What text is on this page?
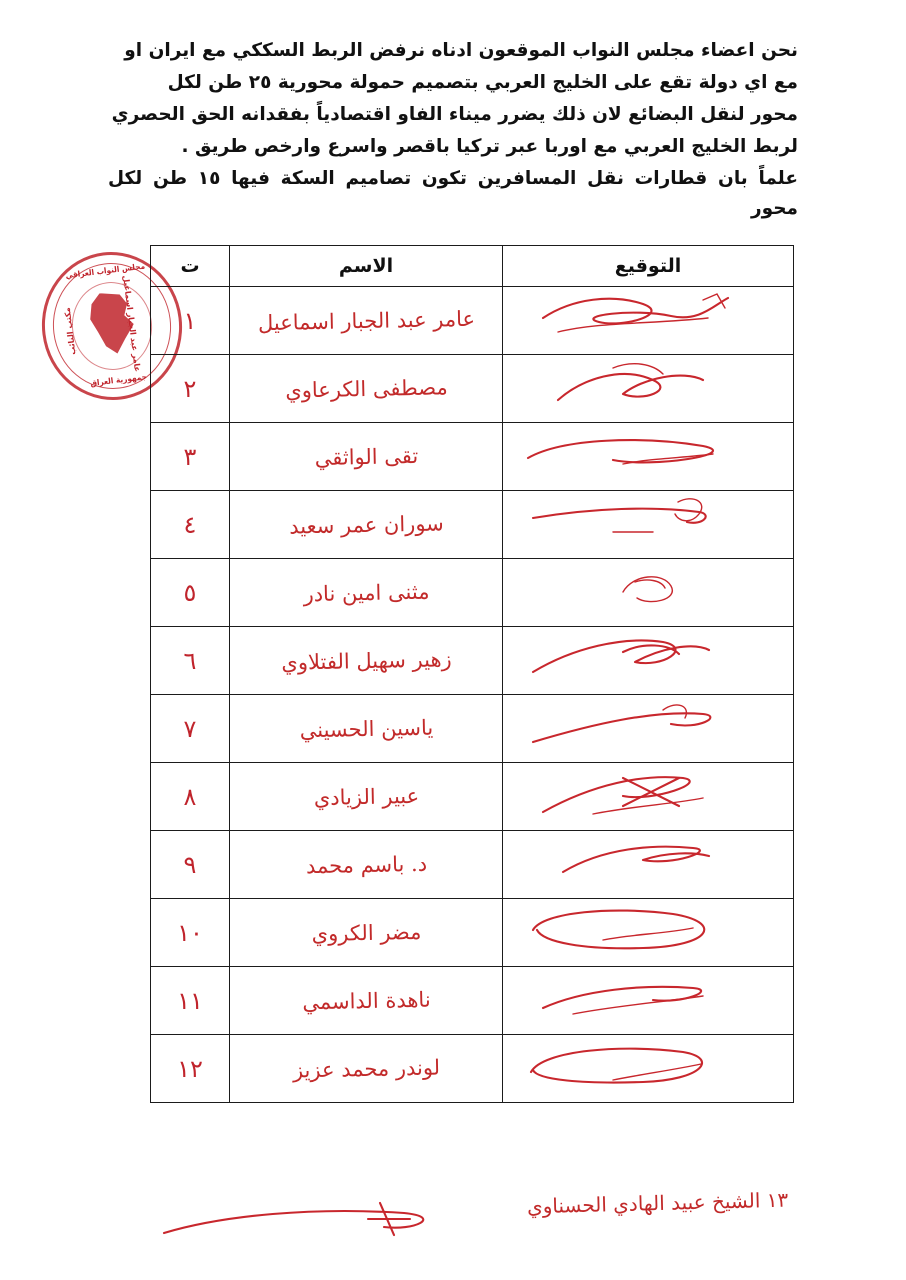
نحن اعضاء مجلس النواب الموقعون ادناه نرفض الربط السككي مع ايران او

مع اي دولة تقع على الخليج العربي بتصميم حمولة محورية ٢٥ طن لكل

محور لنقل البضائع لان ذلك يضرر ميناء الفاو اقتصادياً بفقدانه الحق الحصري

لربط الخليج العربي مع اوربا عبر تركيا باقصر واسرع وارخص طريق .

علماً بان قطارات نقل المسافرين تكون تصاميم السكة فيها ١٥ طن لكل محور

مجلس النواب العراقي
جمهورية العراق
مكتب النائب	عامر عبد الجبار اسماعيل
التوقيع	الاسم	ت

	عامر عبد الجبار اسماعيل	١

	مصطفى الكرعاوي	٢

	تقى الواثقي	٣

	سوران عمر سعيد	٤

	مثنى امين نادر	٥

	زهير سهيل الفتلاوي	٦

	ياسين الحسيني	٧

	عبير الزيادي	٨

	د. باسم محمد	٩

	مضر الكروي	١٠

	ناهدة الداسمي	١١

	لوندر محمد عزيز	١٢
١٣ الشيخ عبيد الهادي الحسناوي
